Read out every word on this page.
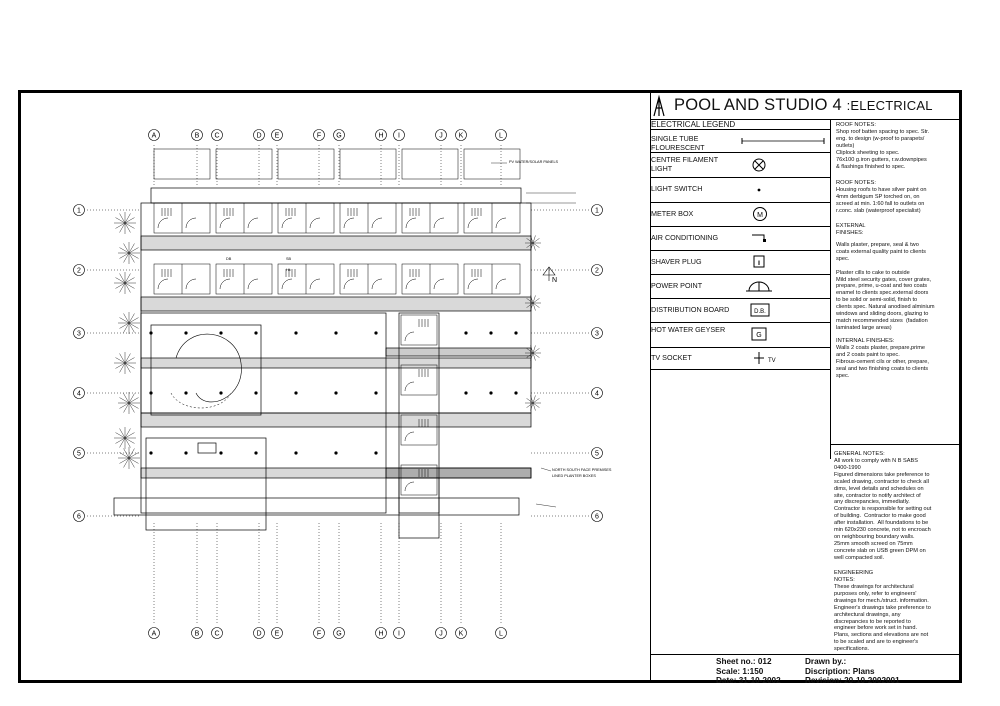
A
A
B
B
C
C
D
D
E
E
F
F
G
G
H
H
I
I
J
J
K
K
L
L
1	1
2	2
3	3
4	4
5	5
6	6
N
PV WATER/SOLAR PANELS
NORTH SOUTH FACE PREMISES
LINED PLANTER BOXES
DB	SB
Hk
POOL AND STUDIO 4 :ELECTRICAL
ELECTRICAL LEGEND
SINGLE TUBE FLOURESCENT
CENTRE FILAMENT LIGHT
LIGHT SWITCH
METER BOX	M
AIR CONDITIONING
SHAVER PLUG	ll
POWER POINT
DISTRIBUTION BOARD	D.B.
HOT WATER GEYSER
G
TV SOCKET	TV
ROOF NOTES:
Shop roof batten spacing to spec. Str.
eng. to design (w-proof to parapets/
outlets)
Cliplock sheeting to spec.
76x100 g.iron gutters, r.w.downpipes
& flashings finished to spec.
ROOF NOTES:
Housing roofs to have silver paint on
4mm derbigum SP torched on, on
screed at min. 1:60 fall to outlets on
r.conc. slab (waterproof specialist)
EXTERNAL
FINISHES:
Walls plaster, prepare, seal & two
coats external quality paint to clients
spec.

Plaster cills to cake to outside
Mild steel security gates, cover grates,
prepare, prime, u-coat and two coats
enamel to clients spec.external doors
to be solid or semi-solid, finish to
clients spec. Natural anodised alminium
windows and sliding doors, glazing to
match recommended sizes  (fadation
laminated large areas)
INTERNAL FINISHES:
Walls 2 coats plaster, prepare,prime
and 2 coats paint to spec.
Fibrous-cement cils or other, prepare,
seal and two finishing coats to clients
spec.
GENERAL NOTES:
All work to comply with N B SABS
0400-1990
Figured dimensions take preference to
scaled drawing, contractor to check all
dims, level details and schedules on
site, contractor to notify architect of
any discrepancies, immediatly.
Contractor is responsible for setting out
of building.  Contractor to make good
after installation.  All foundations to be
min 620x230 concrete, not to encroach
on neighbouring boundary walls.
25mm smooth screed on 75mm
concrete slab on USB green DPM on
well compacted soil.
ENGINEERING
NOTES:
These drawings for architectural
purposes only, refer to engineers'
drawings for mech./struct. information.
Engineer's drawings take preference to
architectural drawings, any
discrepancies to be reported to
engineer before work set in hand.
Plans, sections and elevations are not
to be scaled and are to engineer's
specifications.
Sheet no.: 012
Scale: 1:150
Date: 31-10-2002
Drawn by.:
Discription: Plans
Revision: 20-10-2002001
